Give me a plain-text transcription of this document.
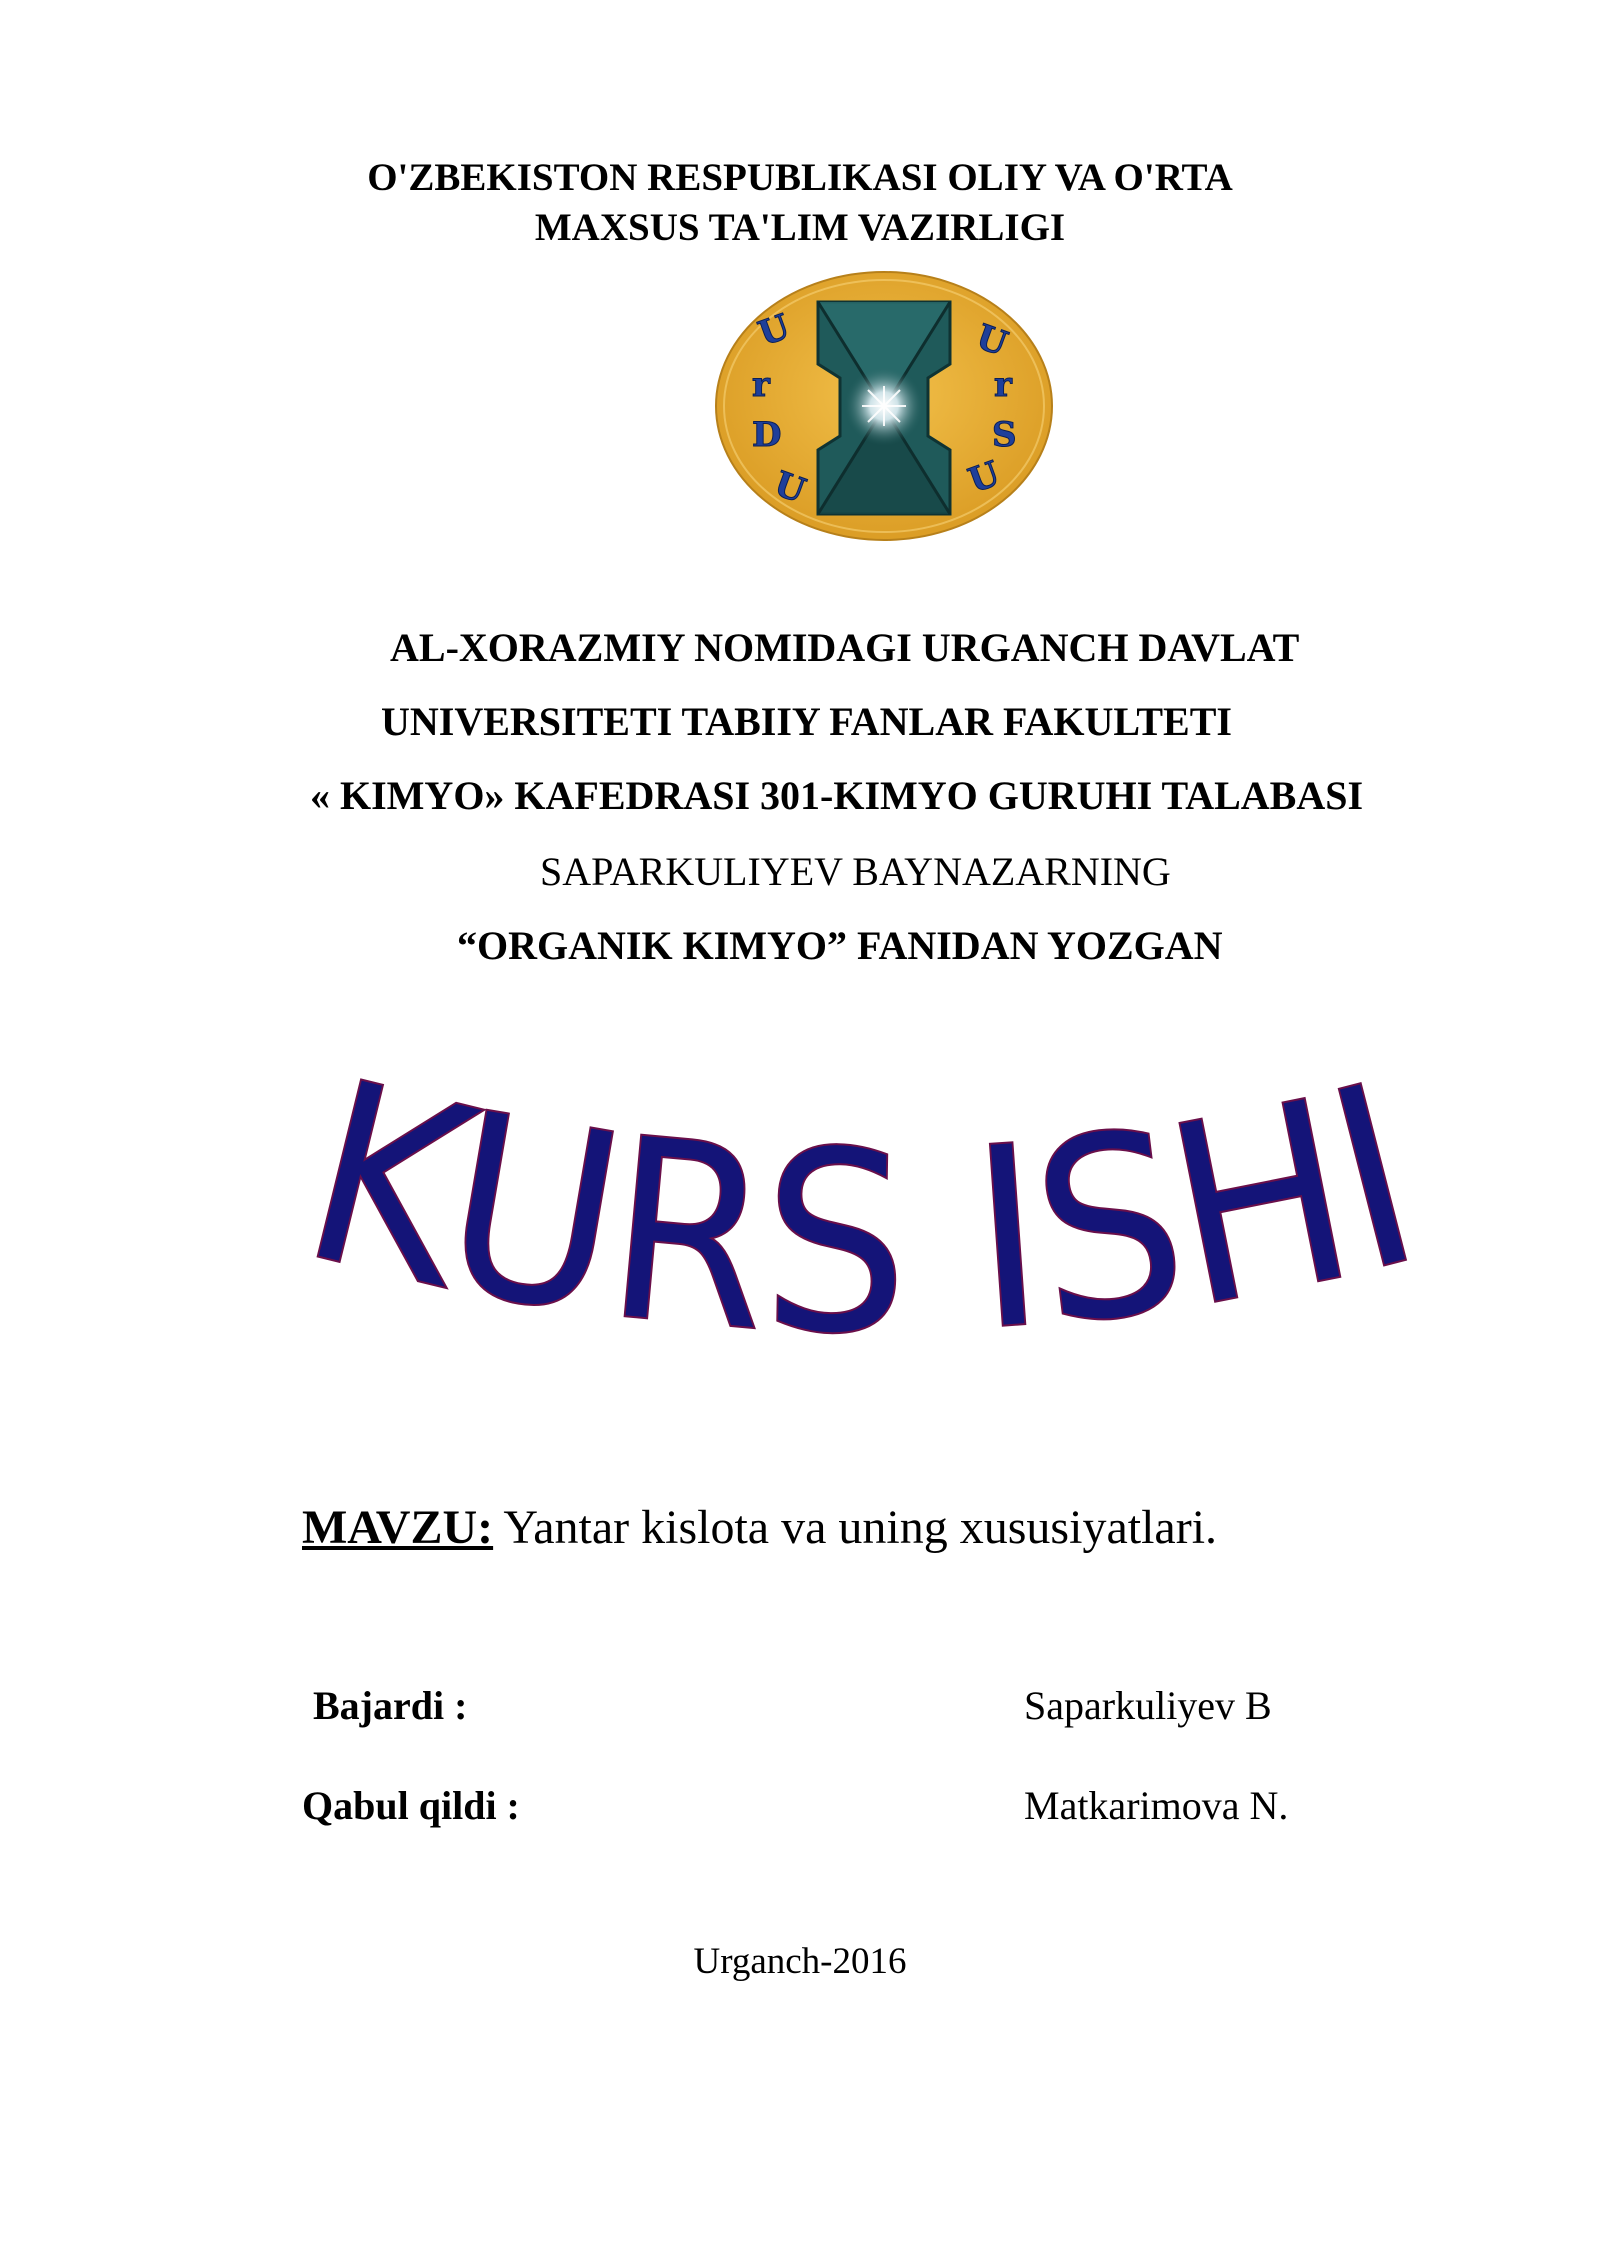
O'ZBEKISTON RESPUBLIKASI OLIY VA O'RTA
MAXSUS TA'LIM VAZIRLIGI
U
r
D
U
U
r
S
U
AL-XORAZMIY NOMIDAGI URGANCH DAVLAT
UNIVERSITETI TABIIY FANLAR FAKULTETI
« KIMYO» KAFEDRASI 301-KIMYO GURUHI TALABASI
SAPARKULIYEV BAYNAZARNING
“ORGANIK KIMYO” FANIDAN YOZGAN
KURS ISHI
MAVZU: Yantar kislota va uning xususiyatlari.
Bajardi :	Saparkuliyev B
Qabul qildi :	Matkarimova N.
Urganch-2016
